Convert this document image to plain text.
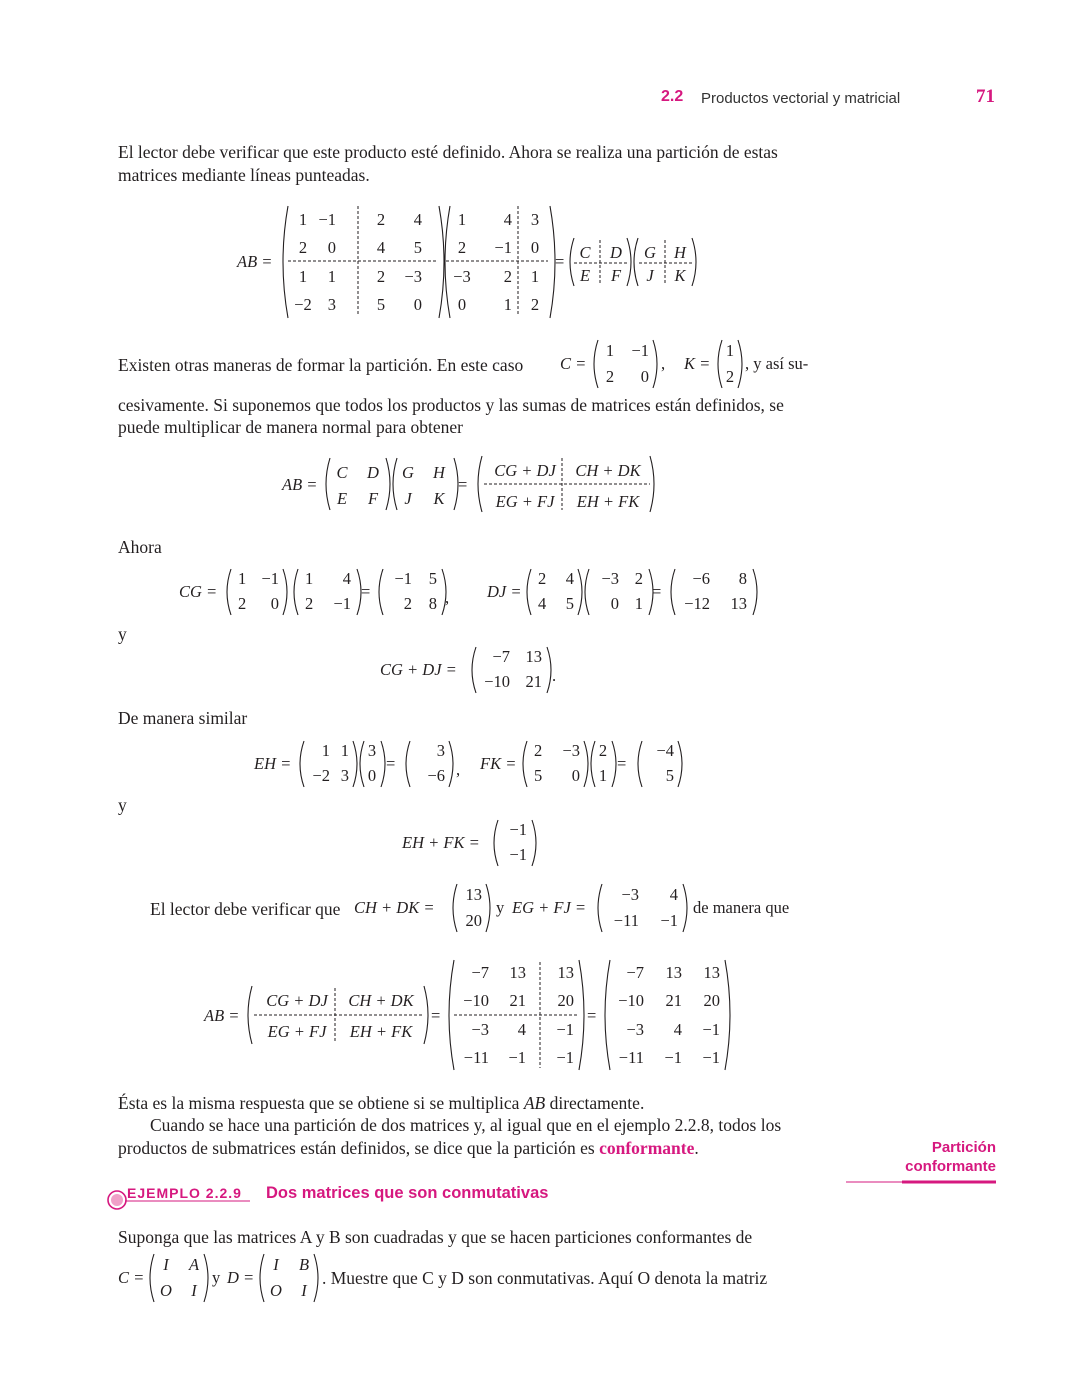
2.2 Productos vectorial y matricial	71
El lector debe verificar que este producto esté definido. Ahora se realiza una partición de estas
matrices mediante líneas punteadas.
AB =
1 −1 2 4
2 0 4 5
1 1 2 −3
−2 3 5 0
1 4 3
2 −1 0
−3 2 1
0 1 2
= C D
E F
G H
J K
Existen otras maneras de formar la partición. En este caso C =
1 −1
2 0
, K =
1
2
, y así su-
cesivamente. Si suponemos que todos los productos y las sumas de matrices están definidos, se
puede multiplicar de manera normal para obtener
AB =
C D
E F
G H
J K
=
CG + DJ CH + DK
EG + FJ EH + FK
Ahora
CG =
1 −1
2 0
1 4
2 −1
=
−1 5
2 8 , DJ =
2 4
4 5
−3 2
0 1
=
−6 8
−12 13
y
CG + DJ =
−7 13
−10 21 .
De manera similar
EH =
1 1
−2 3
3
0
=
3
−6 , FK =
2 −3
5 0
2
1
=
−4
5
y
EH + FK =
−1
−1
El lector debe verificar que CH + DK =
13
20
y EG + FJ =
−3 4
−11 −1
de manera que
AB =
CG + DJ CH + DK
EG + FJ EH + FK
=
−7 13 13
−10 21 20
−3 4 −1
−11 −1 −1
=
−7 13 13
−10 21 20
−3 4 −1
−11 −1 −1
Ésta es la misma respuesta que se obtiene si se multiplica AB directamente.
Cuando se hace una partición de dos matrices y, al igual que en el ejemplo 2.2.8, todos los
productos de submatrices están definidos, se dice que la partición es conformante.	Partición
conformante
EJEMPLO 2.2.9 Dos matrices que son conmutativas
Suponga que las matrices A y B son cuadradas y que se hacen particiones conformantes de
C =
I A
O I
y D =
I B
O I
. Muestre que C y D son conmutativas. Aquí O denota la matriz
